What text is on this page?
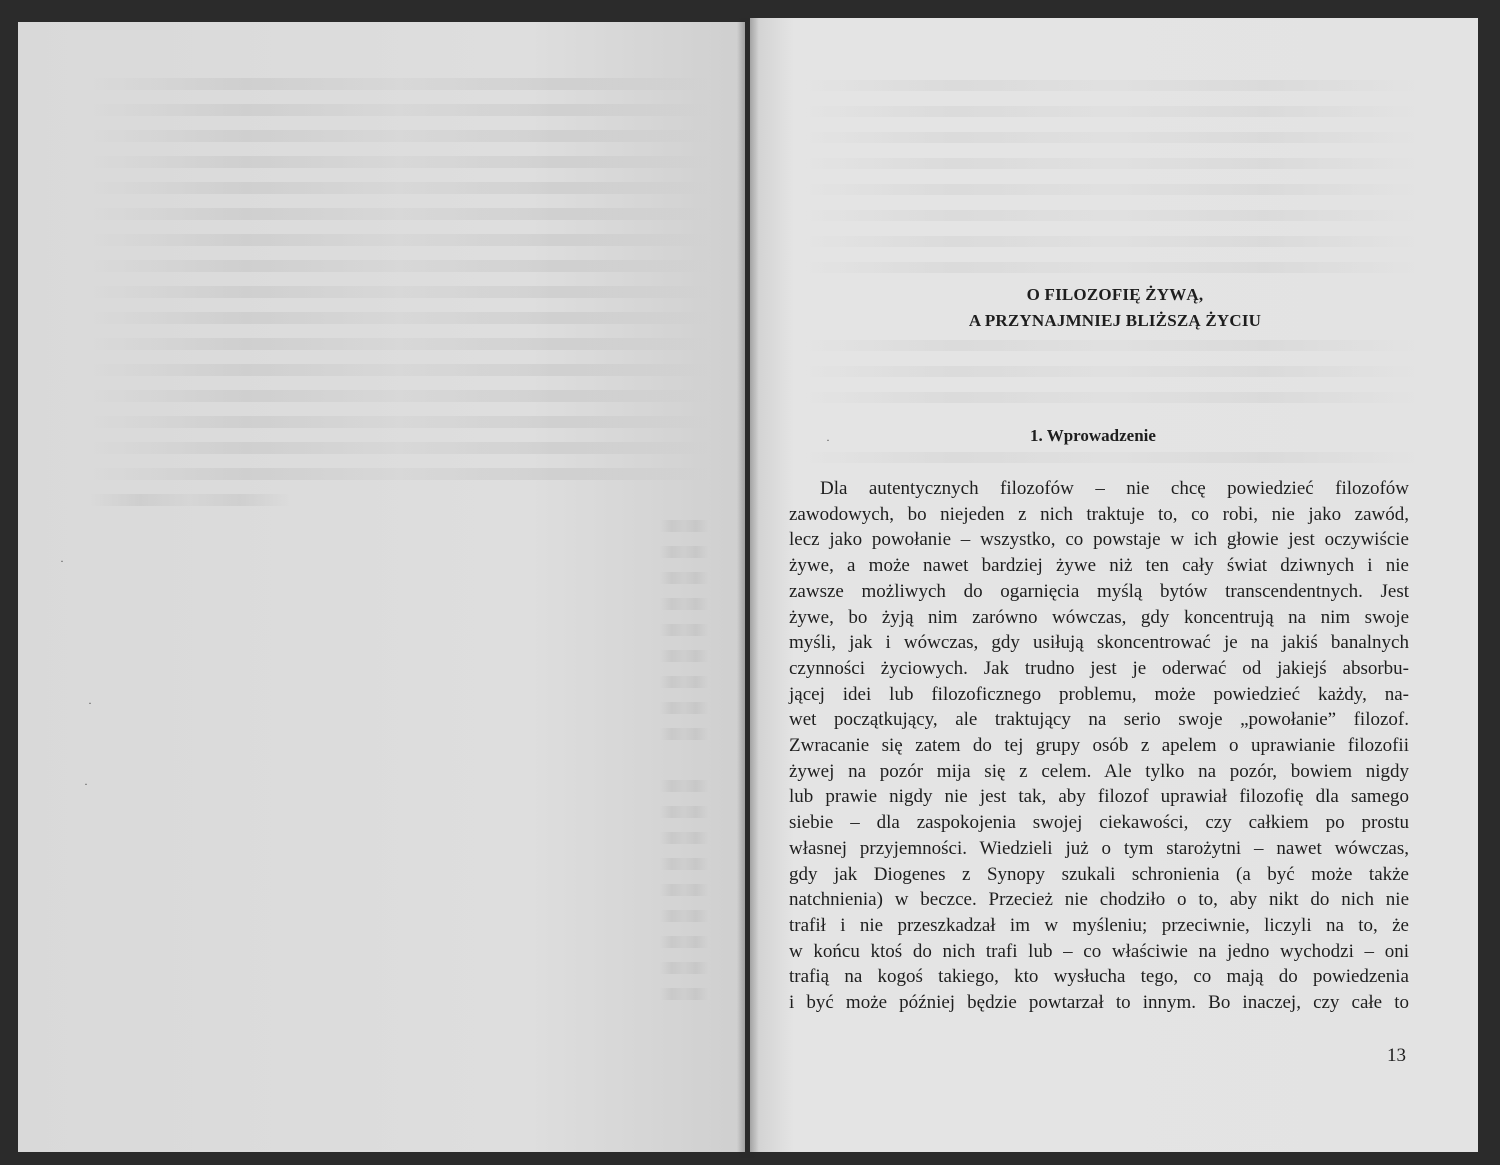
·
·
·
·
O FILOZOFIĘ ŻYWĄ,
A PRZYNAJMNIEJ BLIŻSZĄ ŻYCIU
1. Wprowadzenie

Dla autentycznych filozofów – nie chcę powiedzieć filozofów
zawodowych, bo niejeden z nich traktuje to, co robi, nie jako zawód,
lecz jako powołanie – wszystko, co powstaje w ich głowie jest oczywiście
żywe, a może nawet bardziej żywe niż ten cały świat dziwnych i nie
zawsze możliwych do ogarnięcia myślą bytów transcendentnych. Jest
żywe, bo żyją nim zarówno wówczas, gdy koncentrują na nim swoje
myśli, jak i wówczas, gdy usiłują skoncentrować je na jakiś banalnych
czynności życiowych. Jak trudno jest je oderwać od jakiejś absorbu-
jącej idei lub filozoficznego problemu, może powiedzieć każdy, na-
wet początkujący, ale traktujący na serio swoje „powołanie” filozof.
Zwracanie się zatem do tej grupy osób z apelem o uprawianie filozofii
żywej na pozór mija się z celem. Ale tylko na pozór, bowiem nigdy
lub prawie nigdy nie jest tak, aby filozof uprawiał filozofię dla samego
siebie – dla zaspokojenia swojej ciekawości, czy całkiem po prostu
własnej przyjemności. Wiedzieli już o tym starożytni – nawet wówczas,
gdy jak Diogenes z Synopy szukali schronienia (a być może także
natchnienia) w beczce. Przecież nie chodziło o to, aby nikt do nich nie
trafił i nie przeszkadzał im w myśleniu; przeciwnie, liczyli na to, że
w końcu ktoś do nich trafi lub – co właściwie na jedno wychodzi – oni
trafią na kogoś takiego, kto wysłucha tego, co mają do powiedzenia
i być może później będzie powtarzał to innym. Bo inaczej, czy całe to

13
